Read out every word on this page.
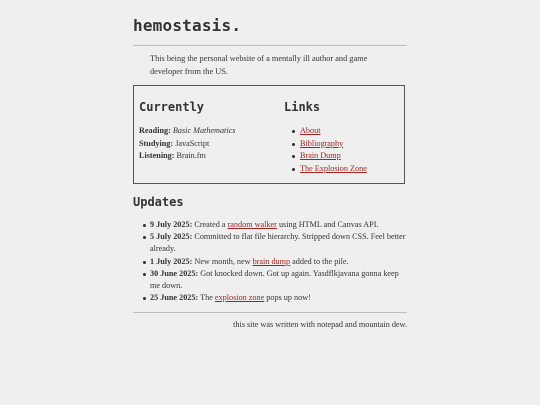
hemostasis.

This being the personal website of a mentally ill author and game developer from the US.

Currently
Reading: Basic Mathematics
Studying: JavaScript
Listening: Brain.fm
Links
About
Bibliography
Brain Dump
The Explosion Zone
Updates
9 July 2025: Created a random walker using HTML and Canvas API.
5 July 2025: Committed to flat file hierarchy. Stripped down CSS. Feel better already.
1 July 2025: New month, new brain dump added to the pile.
30 June 2025: Got knocked down. Got up again. Yasdflkjavana gonna keep me down.
25 June 2025: The explosion zone pops up now!

this site was written with notepad and mountain dew.
